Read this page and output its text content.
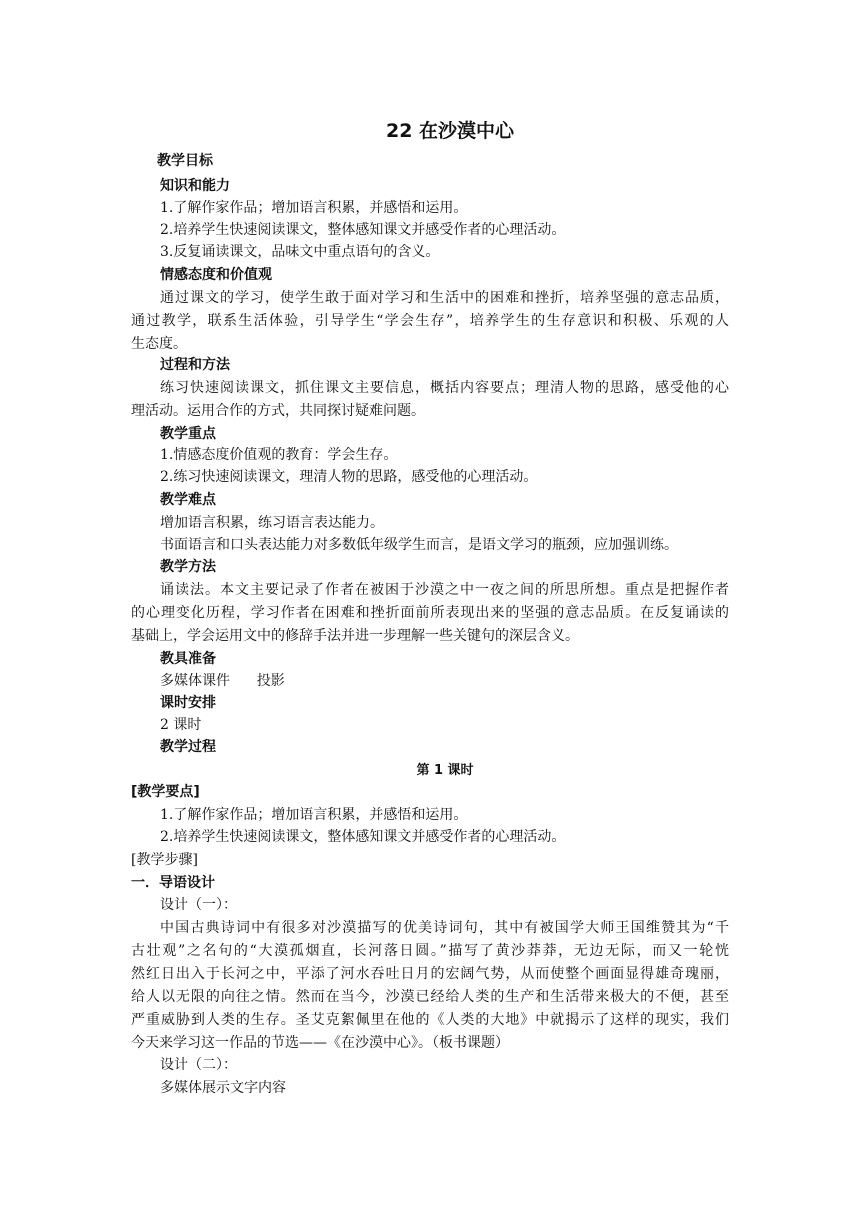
22 在沙漠中心
教学目标
知识和能力
1.了解作家作品；增加语言积累，并感悟和运用。
2.培养学生快速阅读课文，整体感知课文并感受作者的心理活动。
3.反复诵读课文，品味文中重点语句的含义。
情感态度和价值观
通过课文的学习，使学生敢于面对学习和生活中的困难和挫折，培养坚强的意志品质，
通过教学，联系生活体验，引导学生“学会生存”，培养学生的生存意识和积极、乐观的人
生态度。
过程和方法
练习快速阅读课文，抓住课文主要信息，概括内容要点；理清人物的思路，感受他的心
理活动。运用合作的方式，共同探讨疑难问题。
教学重点
1.情感态度价值观的教育：学会生存。
2.练习快速阅读课文，理清人物的思路，感受他的心理活动。
教学难点
增加语言积累，练习语言表达能力。
书面语言和口头表达能力对多数低年级学生而言，是语文学习的瓶颈，应加强训练。
教学方法
诵读法。本文主要记录了作者在被困于沙漠之中一夜之间的所思所想。重点是把握作者
的心理变化历程，学习作者在困难和挫折面前所表现出来的坚强的意志品质。在反复诵读的
基础上，学会运用文中的修辞手法并进一步理解一些关键句的深层含义。
教具准备
多媒体课件      投影
课时安排
2 课时
教学过程
第 1 课时
[教学要点]
1.了解作家作品；增加语言积累，并感悟和运用。
2.培养学生快速阅读课文，整体感知课文并感受作者的心理活动。
[教学步骤]
一．导语设计
设计（一）：
中国古典诗词中有很多对沙漠描写的优美诗词句，其中有被国学大师王国维赞其为“千
古壮观”之名句的“大漠孤烟直，长河落日圆。”描写了黄沙莽莽，无边无际，而又一轮恍
然红日出入于长河之中，平添了河水吞吐日月的宏阔气势，从而使整个画面显得雄奇瑰丽，
给人以无限的向往之情。然而在当今，沙漠已经给人类的生产和生活带来极大的不便，甚至
严重威胁到人类的生存。圣艾克絮佩里在他的《人类的大地》中就揭示了这样的现实，我们
今天来学习这一作品的节选——《在沙漠中心》。（板书课题）
设计（二）：
多媒体展示文字内容
